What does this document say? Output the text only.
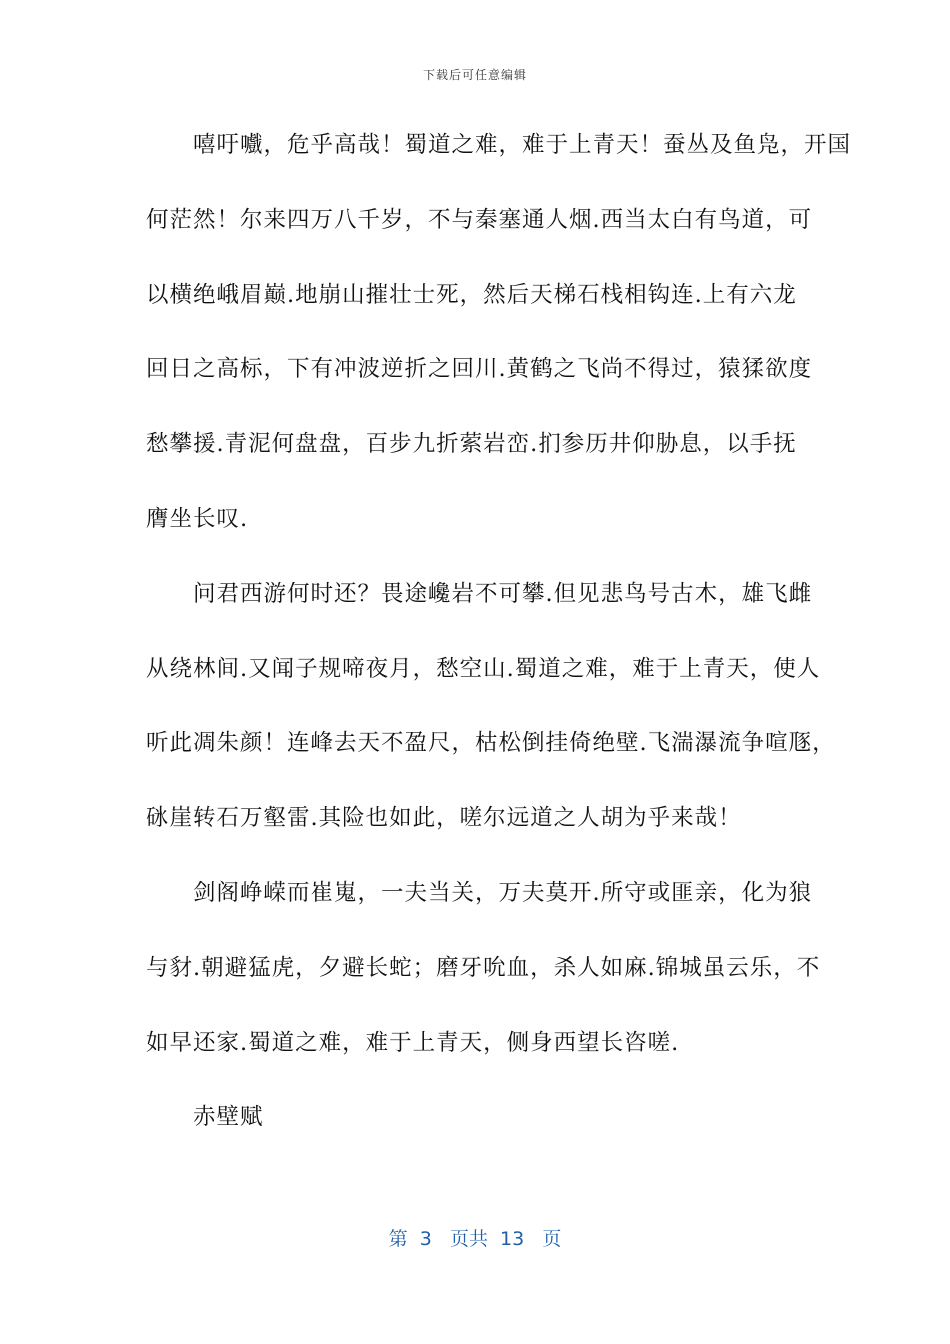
下载后可任意编辑
嘻吁嚱，危乎高哉！蜀道之难，难于上青天！蚕丛及鱼凫，开国
何茫然！尔来四万八千岁，不与秦塞通人烟.西当太白有鸟道，可
以横绝峨眉巅.地崩山摧壮士死，然后天梯石栈相钩连.上有六龙
回日之高标，下有冲波逆折之回川.黄鹤之飞尚不得过，猿猱欲度
愁攀援.青泥何盘盘，百步九折萦岩峦.扪参历井仰胁息，以手抚
膺坐长叹.
问君西游何时还？畏途巉岩不可攀.但见悲鸟号古木，雄飞雌
从绕林间.又闻子规啼夜月，愁空山.蜀道之难，难于上青天，使人
听此凋朱颜！连峰去天不盈尺，枯松倒挂倚绝壁.飞湍瀑流争喧豗，
砯崖转石万壑雷.其险也如此，嗟尔远道之人胡为乎来哉！
剑阁峥嵘而崔嵬，一夫当关，万夫莫开.所守或匪亲，化为狼
与豺.朝避猛虎，夕避长蛇；磨牙吮血，杀人如麻.锦城虽云乐，不
如早还家.蜀道之难，难于上青天，侧身西望长咨嗟.
赤壁赋
第  3   页共  13   页
